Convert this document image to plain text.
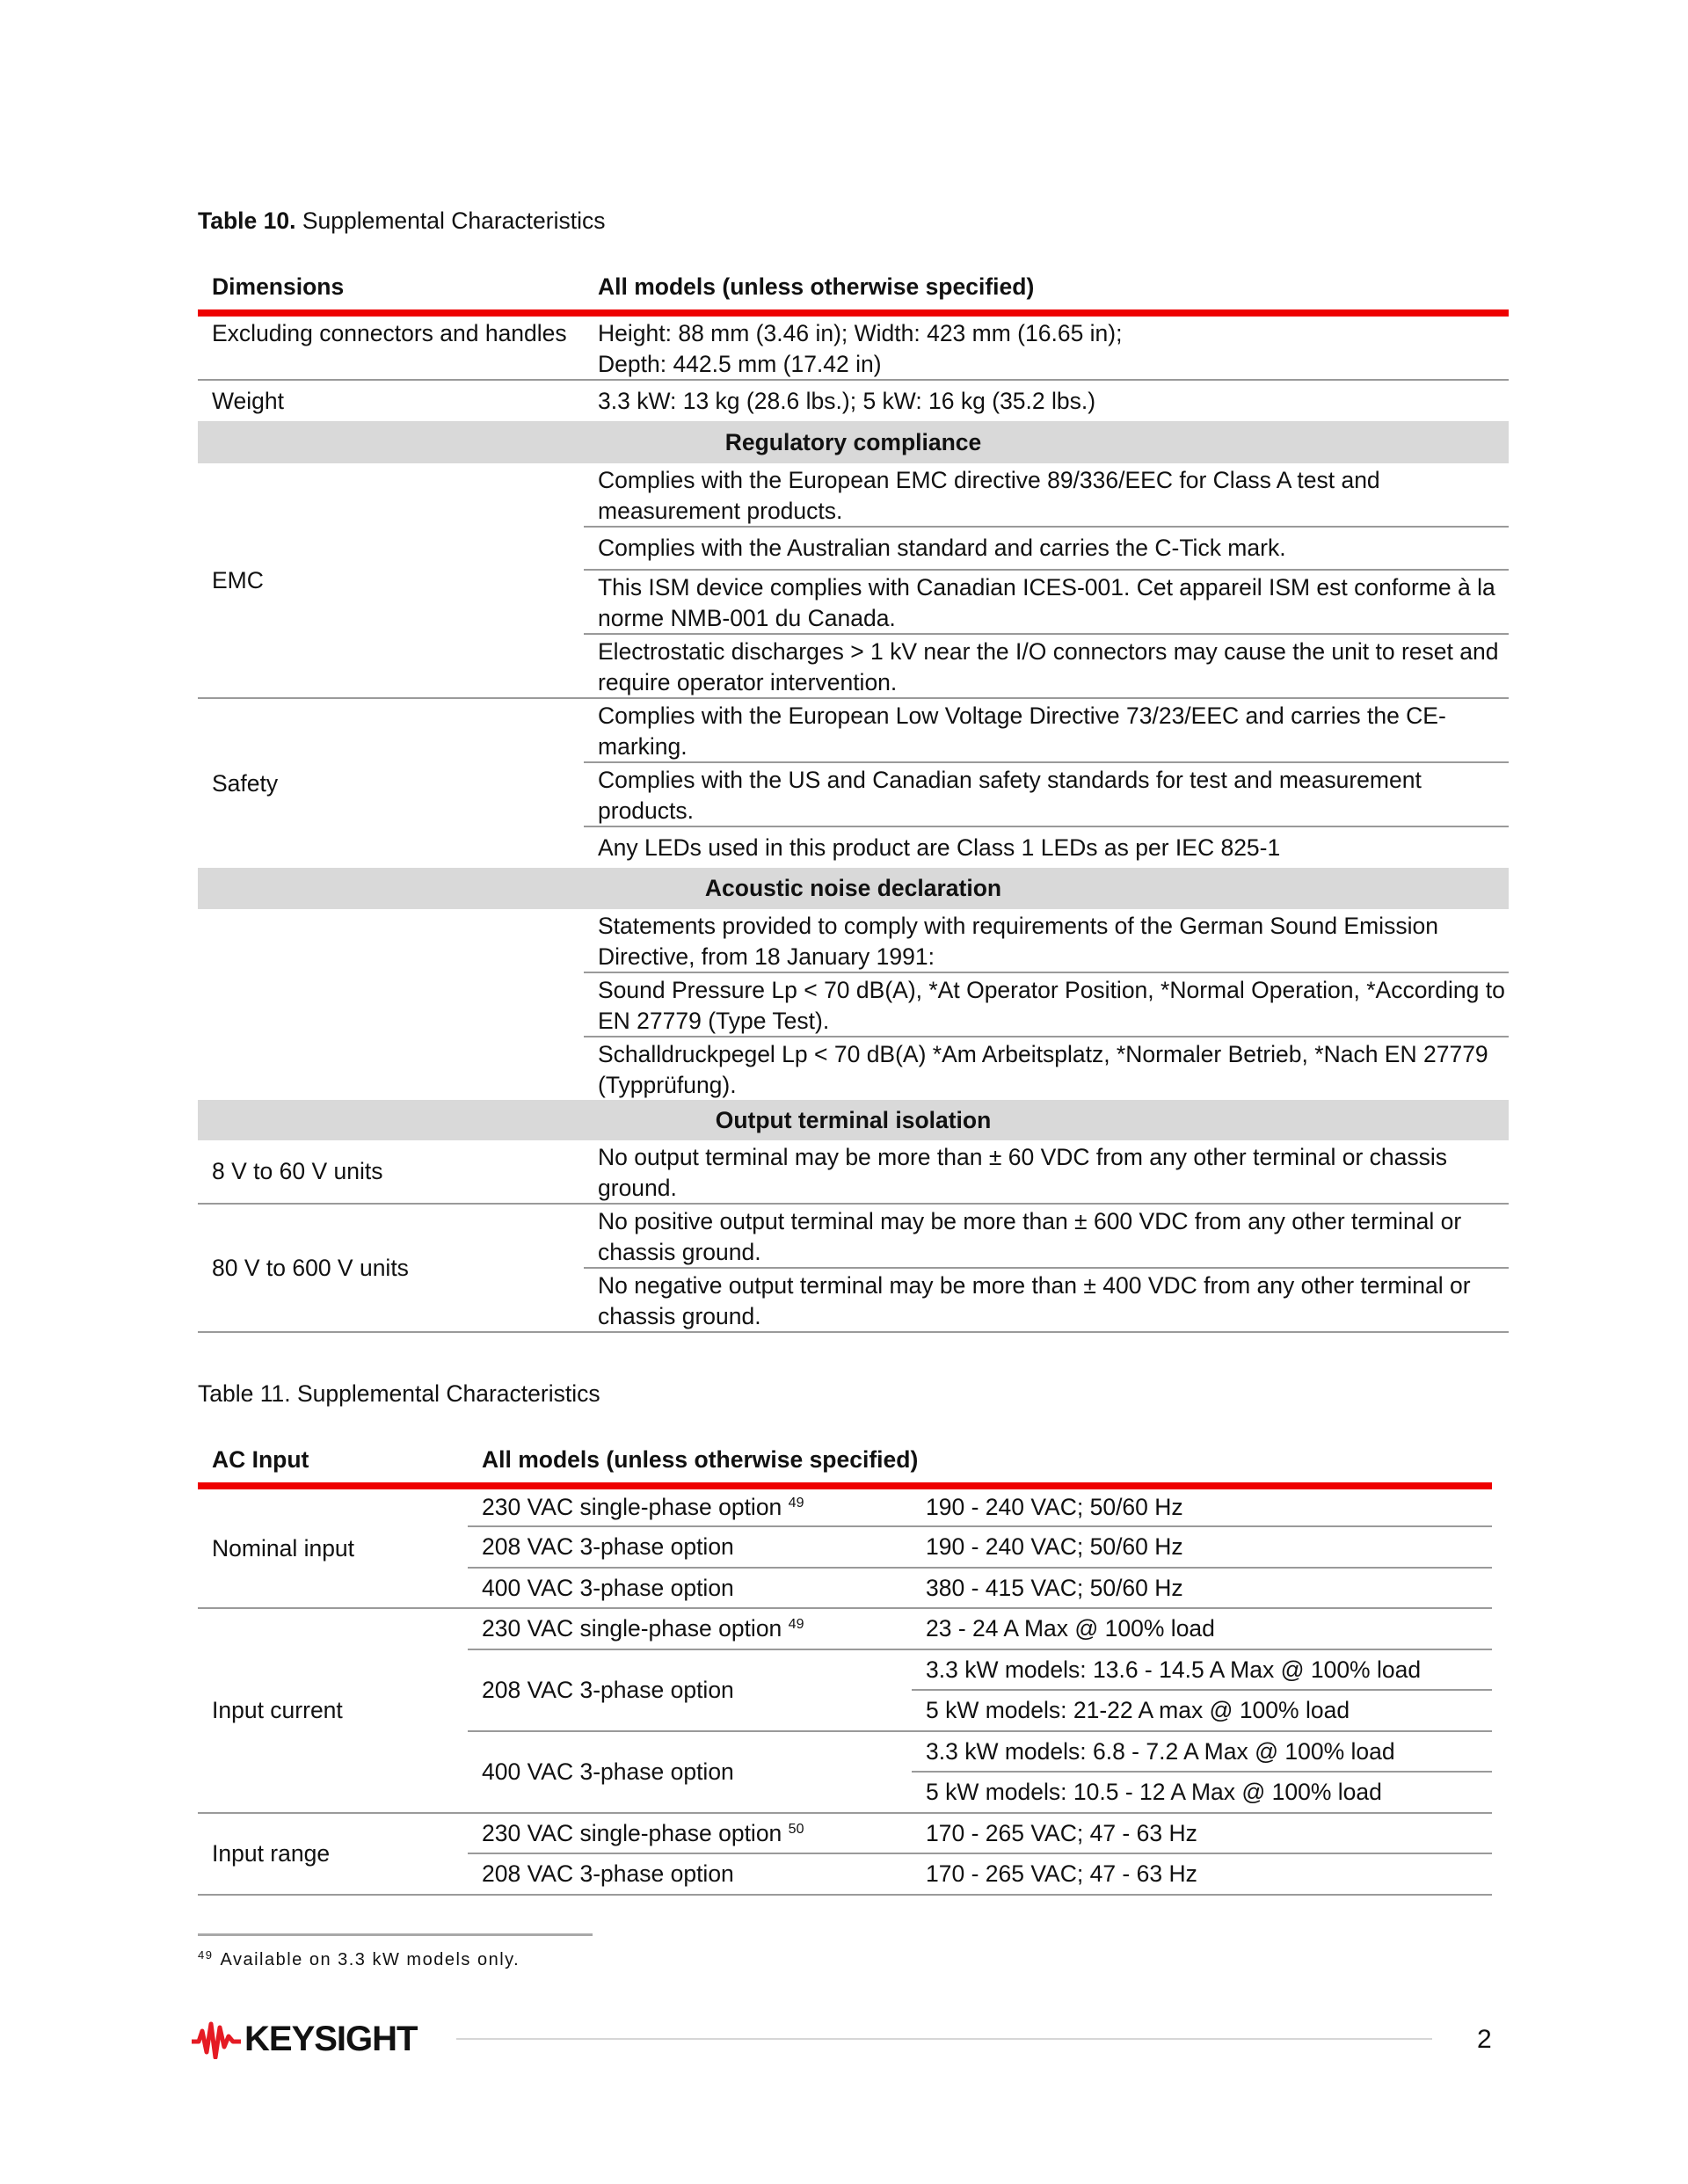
Table 10. Supplemental Characteristics
Dimensions	All models (unless otherwise specified)
Excluding connectors and handles	Height: 88 mm (3.46 in); Width: 423 mm (16.65 in);
Depth: 442.5 mm (17.42 in)

Weight	3.3 kW: 13 kg (28.6 lbs.); 5 kW: 16 kg (35.2 lbs.)
Regulatory compliance	
EMC	Complies with the European EMC directive 89/336/EEC for Class A test and measurement products.
	Complies with the Australian standard and carries the C-Tick mark.
	This ISM device complies with Canadian ICES-001. Cet appareil ISM est conforme à la norme NMB-001 du Canada.
	Electrostatic discharges > 1 kV near the I/O connectors may cause the unit to reset and require operator intervention.
Safety	Complies with the European Low Voltage Directive 73/23/EEC and carries the CE-marking.
	Complies with the US and Canadian safety standards for test and measurement products.
	Any LEDs used in this product are Class 1 LEDs as per IEC 825-1
Acoustic noise declaration	
	Statements provided to comply with requirements of the German Sound Emission Directive, from 18 January 1991:
	Sound Pressure Lp < 70 dB(A), *At Operator Position, *Normal Operation, *According to EN 27779 (Type Test).
	Schalldruckpegel Lp < 70 dB(A) *Am Arbeitsplatz, *Normaler Betrieb, *Nach EN 27779 (Typprüfung).
Output terminal isolation	
8 V to 60 V units	No output terminal may be more than ± 60 VDC from any other terminal or chassis ground.
80 V to 600 V units	No positive output terminal may be more than ± 600 VDC from any other terminal or chassis ground.
	No negative output terminal may be more than ± 400 VDC from any other terminal or chassis ground.
Table 11. Supplemental Characteristics
AC Input	All models (unless otherwise specified)	
Nominal input	230 VAC single-phase option $^{49}$	190 - 240 VAC; 50/60 Hz
	208 VAC 3-phase option	190 - 240 VAC; 50/60 Hz
	400 VAC 3-phase option	380 - 415 VAC; 50/60 Hz
Input current	230 VAC single-phase option $^{49}$	23 - 24 A Max @ 100% load
	208 VAC 3-phase option	3.3 kW models: 13.6 - 14.5 A Max @ 100% load
		5 kW models: 21-22 A max @ 100% load
	400 VAC 3-phase option	3.3 kW models: 6.8 - 7.2 A Max @ 100% load
		5 kW models: 10.5 - 12 A Max @ 100% load
Input range	230 VAC single-phase option $^{50}$	170 - 265 VAC; 47 - 63 Hz
	208 VAC 3-phase option	170 - 265 VAC; 47 - 63 Hz
$^{49}$ Available on 3.3 kW models only.
KEYSIGHT	2
